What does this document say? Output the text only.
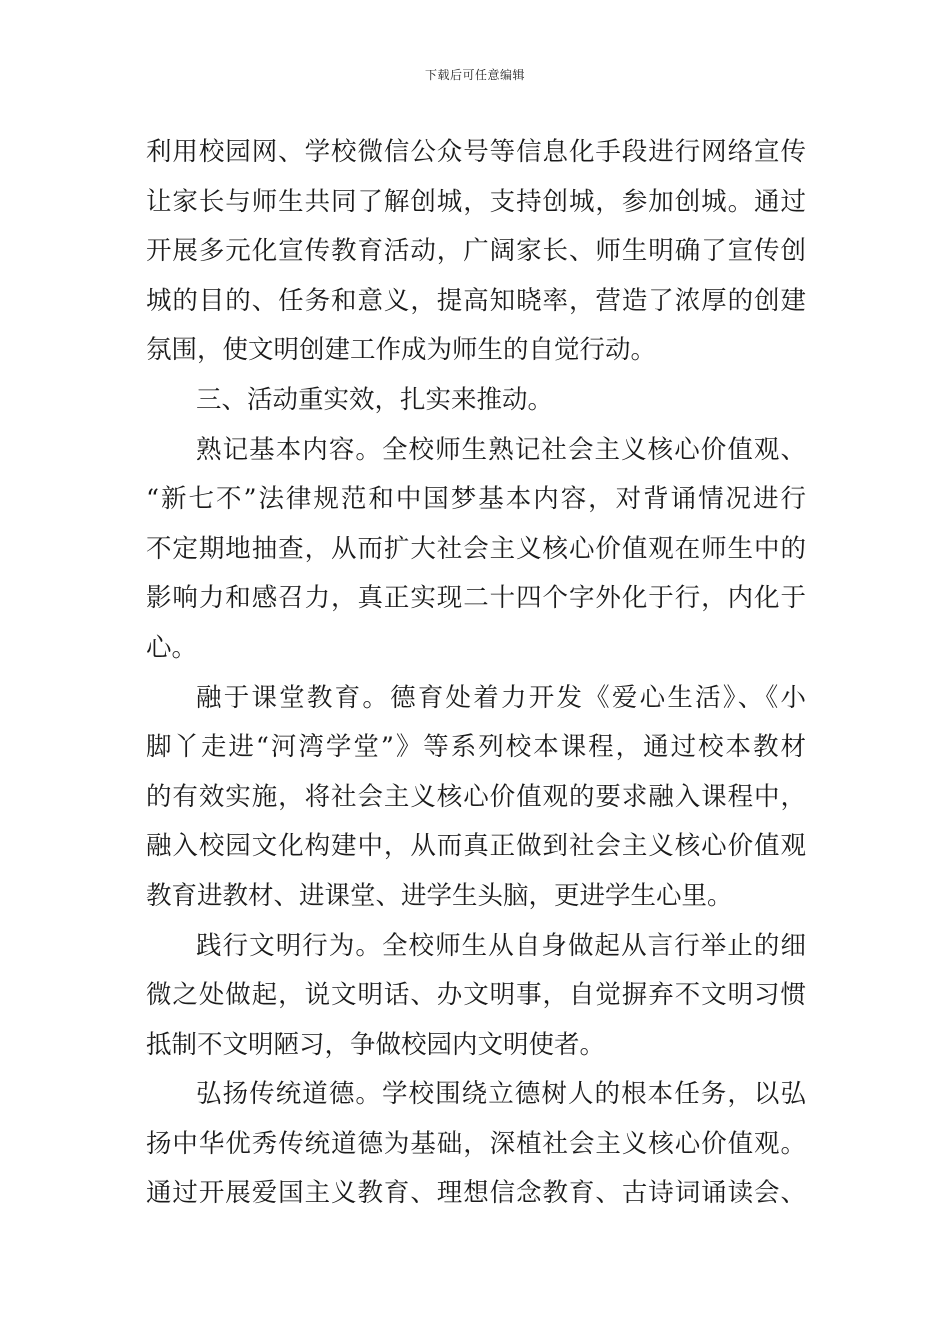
下载后可任意编辑
利用校园网、学校微信公众号等信息化手段进行网络宣传
让家长与师生共同了解创城，支持创城，参加创城。通过
开展多元化宣传教育活动，广阔家长、师生明确了宣传创
城的目的、任务和意义，提高知晓率，营造了浓厚的创建
氛围，使文明创建工作成为师生的自觉行动。
三、活动重实效，扎实来推动。
熟记基本内容。全校师生熟记社会主义核心价值观、
“新七不”法律规范和中国梦基本内容，对背诵情况进行
不定期地抽查，从而扩大社会主义核心价值观在师生中的
影响力和感召力，真正实现二十四个字外化于行，内化于
心。
融于课堂教育。德育处着力开发《爱心生活》、《小
脚丫走进“河湾学堂”》等系列校本课程，通过校本教材
的有效实施，将社会主义核心价值观的要求融入课程中，
融入校园文化构建中，从而真正做到社会主义核心价值观
教育进教材、进课堂、进学生头脑，更进学生心里。
践行文明行为。全校师生从自身做起从言行举止的细
微之处做起，说文明话、办文明事，自觉摒弃不文明习惯
抵制不文明陋习，争做校园内文明使者。
弘扬传统道德。学校围绕立德树人的根本任务，以弘
扬中华优秀传统道德为基础，深植社会主义核心价值观。
通过开展爱国主义教育、理想信念教育、古诗词诵读会、
